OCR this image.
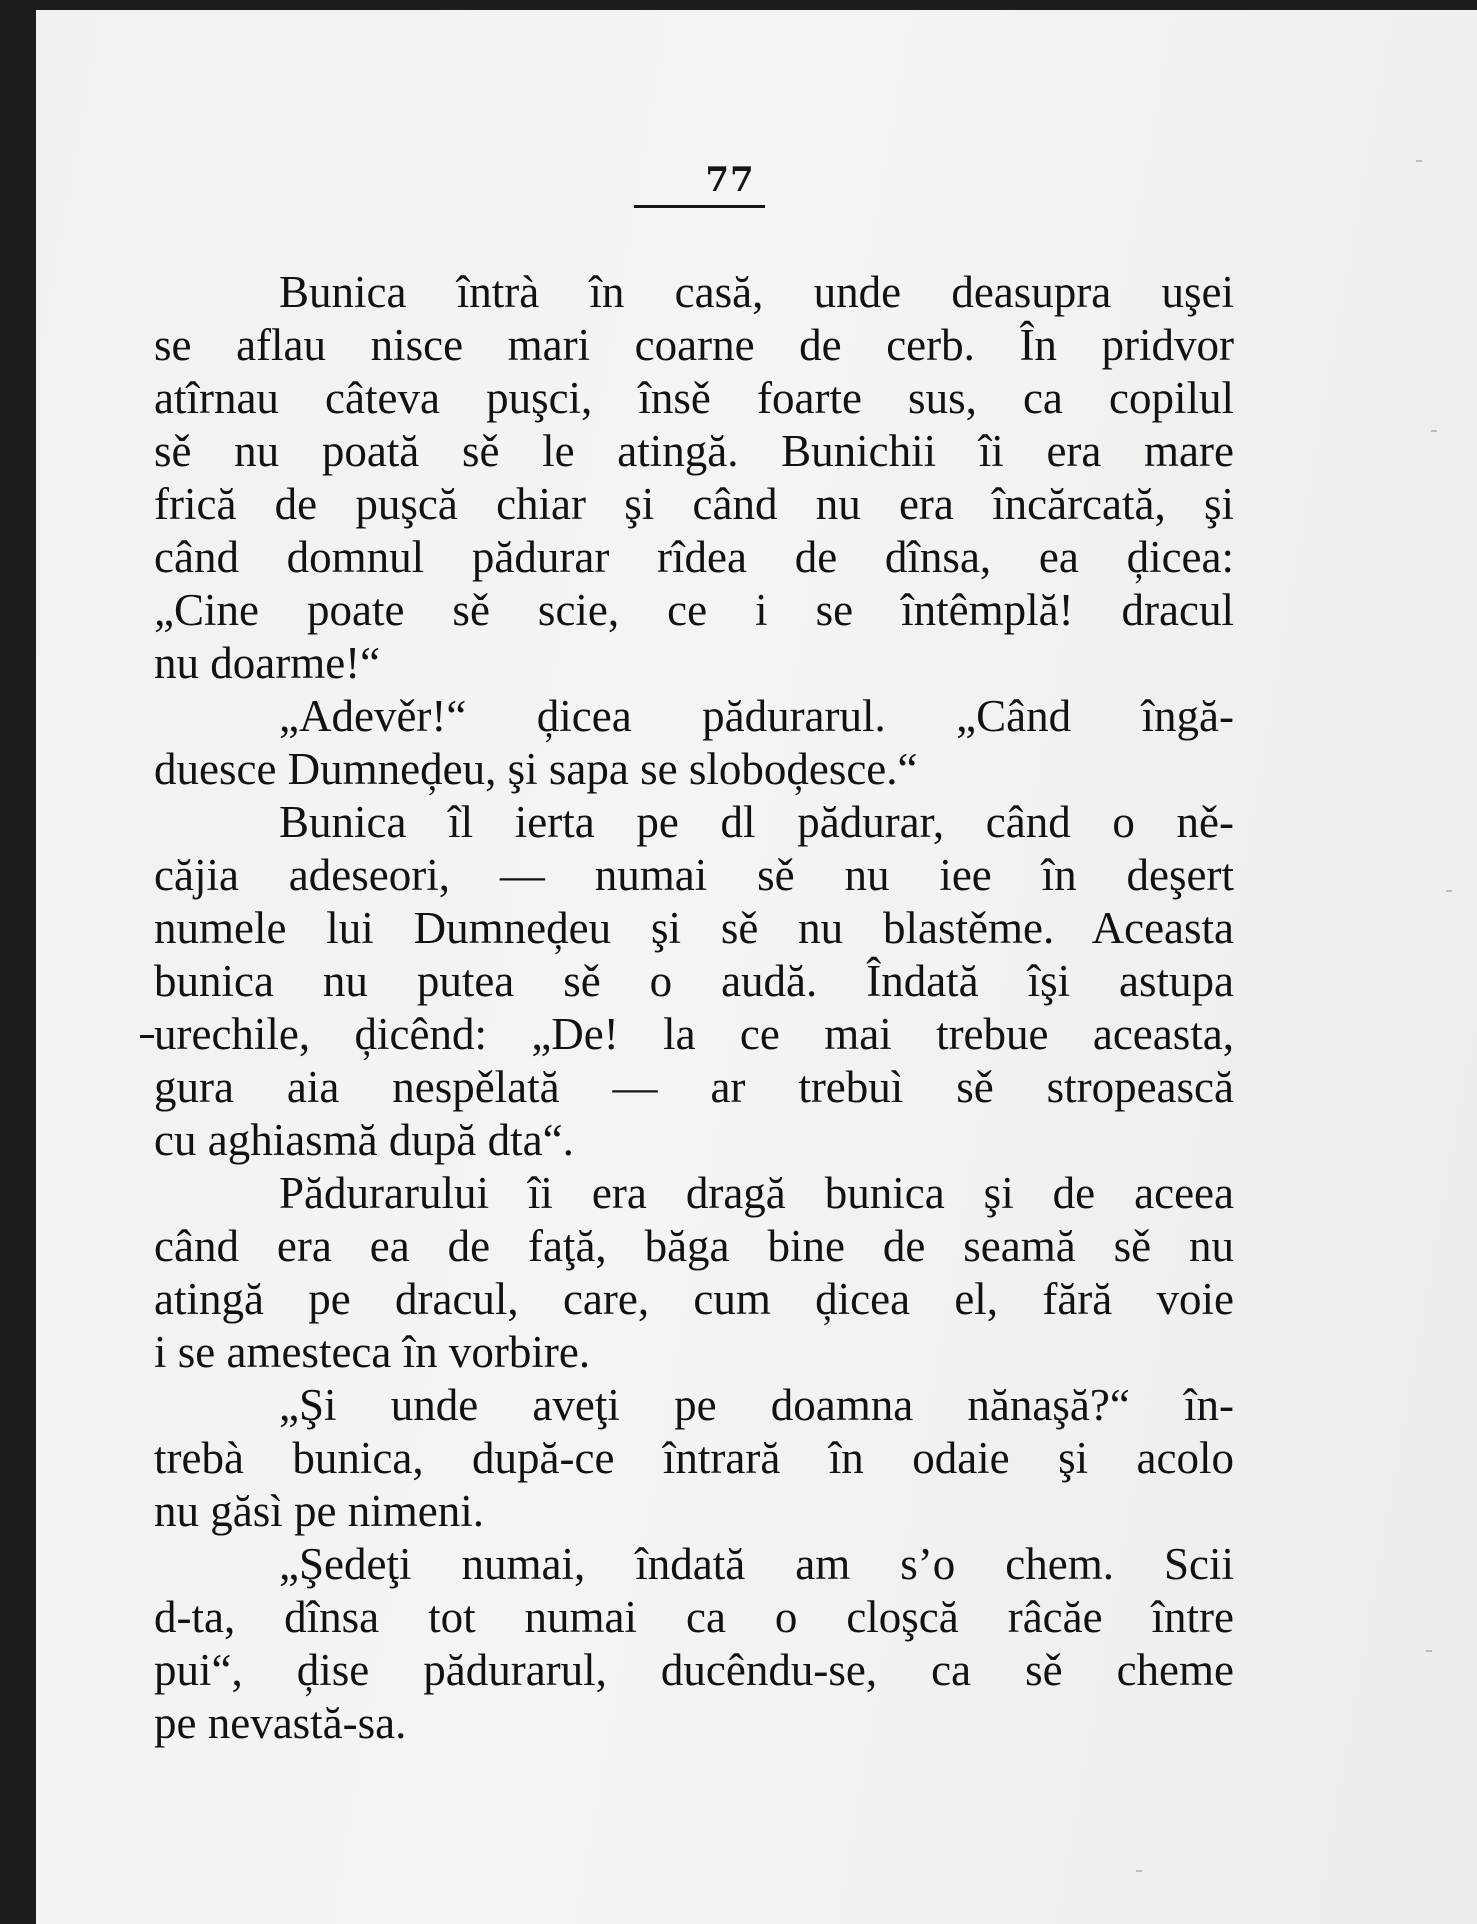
77
Bunica întrà în casă, unde deasupra uşei
se aflau nisce mari coarne de cerb. În pridvor
atîrnau câteva puşci, însě foarte sus, ca copilul
sě nu poată sě le atingă. Bunichii îi era mare
frică de puşcă chiar şi când nu era încărcată, şi
când domnul pădurar rîdea de dînsa, ea ḑicea:
„Cine poate sě scie, ce i se întêmplă! dracul
nu doarme!“
„Adevěr!“ ḑicea pădurarul. „Când îngă-
duesce Dumneḑeu, şi sapa se sloboḑesce.“
Bunica îl ierta pe dl pădurar, când o ně-
căjia adeseori, — numai sě nu iee în deşert
numele lui Dumneḑeu şi sě nu blastěme. Aceasta
bunica nu putea sě o audă. Îndată îşi astupa
urechile, ḑicênd: „De! la ce mai trebue aceasta,
gura aia nespělată — ar trebuì sě stropească
cu aghiasmă după dta“.
Pădurarului îi era dragă bunica şi de aceea
când era ea de faţă, băga bine de seamă sě nu
atingă pe dracul, care, cum ḑicea el, fără voie
i se amesteca în vorbire.
„Şi unde aveţi pe doamna nănaşă?“ în-
trebà bunica, după-ce întrară în odaie şi acolo
nu găsì pe nimeni.
„Şedeţi numai, îndată am s’o chem. Scii
d-ta, dînsa tot numai ca o cloşcă râcăe între
pui“, ḑise pădurarul, ducêndu-se, ca sě cheme
pe nevastă-sa.
